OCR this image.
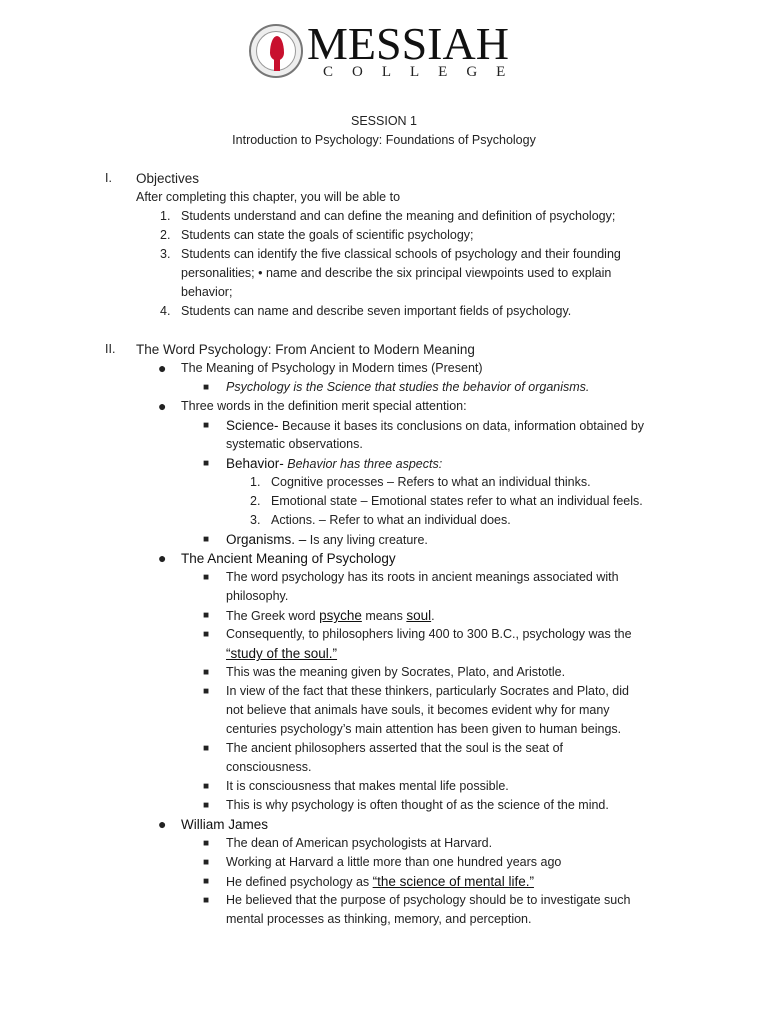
MESSIAH
COLLEGE
SESSION 1
Introduction to Psychology: Foundations of Psychology
I. Objectives
After completing this chapter, you will be able to
1. Students understand and can define the meaning and definition of psychology;
2. Students can state the goals of scientific psychology;
3. Students can identify the five classical schools of psychology and their founding
personalities; • name and describe the six principal viewpoints used to explain
behavior;
4. Students can name and describe seven important fields of psychology.
II. The Word Psychology: From Ancient to Modern Meaning
● The Meaning of Psychology in Modern times (Present)
■ Psychology is the Science that studies the behavior of organisms.
● Three words in the definition merit special attention:
■ Science- Because it bases its conclusions on data, information obtained by
systematic observations.
■ Behavior- Behavior has three aspects:
1. Cognitive processes – Refers to what an individual thinks.
2. Emotional state – Emotional states refer to what an individual feels.
3. Actions. – Refer to what an individual does.
■ Organisms. – Is any living creature.
● The Ancient Meaning of Psychology
■ The word psychology has its roots in ancient meanings associated with
philosophy.
■ The Greek word psyche means soul.
■ Consequently, to philosophers living 400 to 300 B.C., psychology was the
“study of the soul.”
■ This was the meaning given by Socrates, Plato, and Aristotle.
■ In view of the fact that these thinkers, particularly Socrates and Plato, did
not believe that animals have souls, it becomes evident why for many
centuries psychology’s main attention has been given to human beings.
■ The ancient philosophers asserted that the soul is the seat of
consciousness.
■ It is consciousness that makes mental life possible.
■ This is why psychology is often thought of as the science of the mind.
● William James
■ The dean of American psychologists at Harvard.
■ Working at Harvard a little more than one hundred years ago
■ He defined psychology as “the science of mental life.”
■ He believed that the purpose of psychology should be to investigate such
mental processes as thinking, memory, and perception.
